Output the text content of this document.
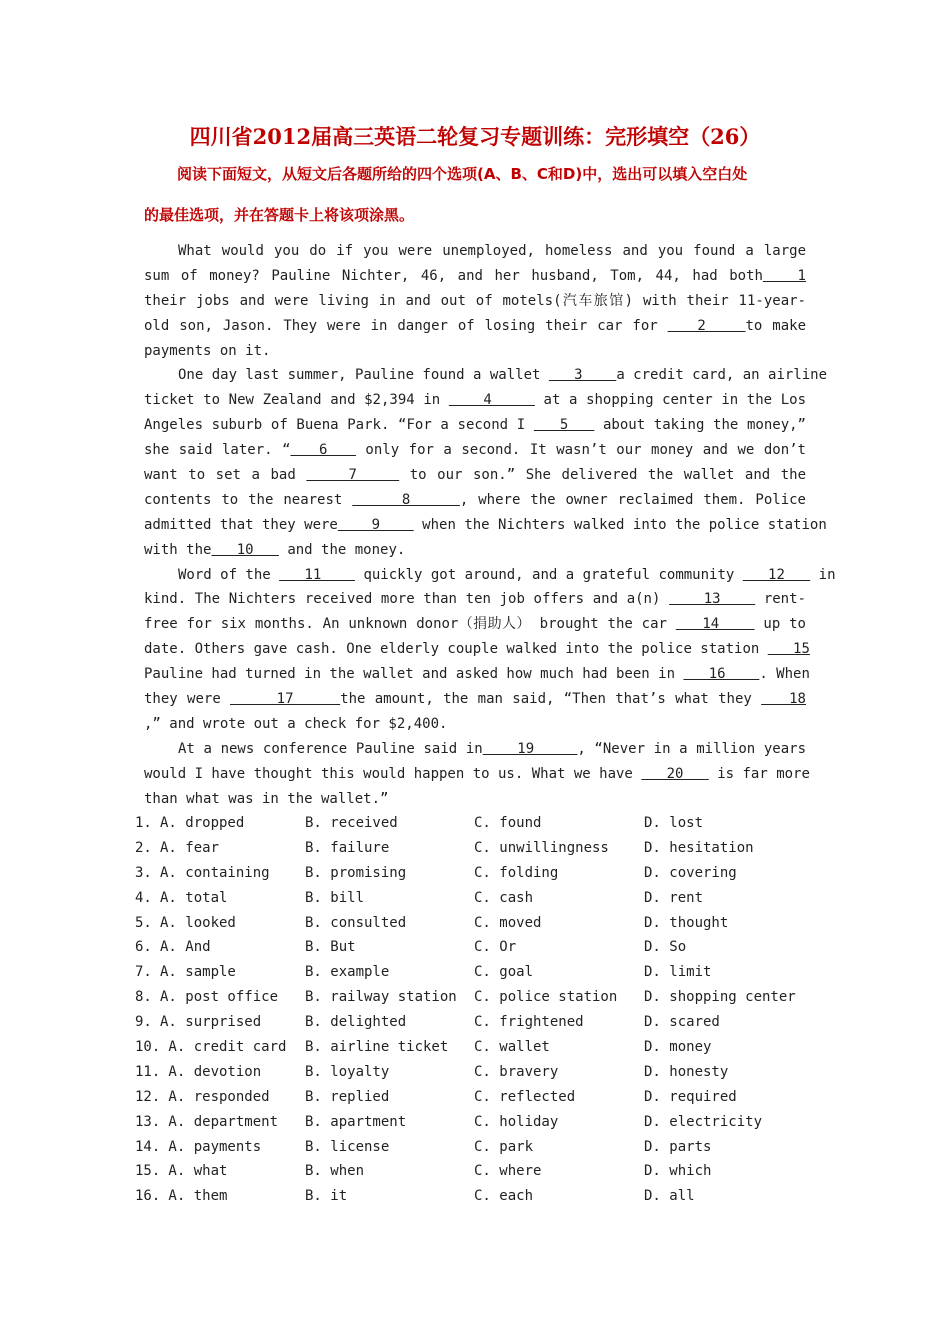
四川省2012届高三英语二轮复习专题训练：完形填空（26）
阅读下面短文，从短文后各题所给的四个选项(A、B、C和D)中，选出可以填入空白处
的最佳选项，并在答题卡上将该项涂黑。
What would you do if you were unemployed, homeless and you found a large
sum of money? Pauline Nichter, 46, and her husband, Tom, 44, had both   1
their jobs and were living in and out of motels(汽车旅馆) with their 11-year-
old son, Jason. They were in danger of losing their car for    2    to make
payments on it.
One day last summer, Pauline found a wallet    3    a credit card, an airline
ticket to New Zealand and $2,394 in     4      at a shopping center in the Los
Angeles suburb of Buena Park. “For a second I    5    about taking the money,”
she said later. “   6    only for a second. It wasn’t our money and we don’t
want to set a bad     7     to our son.” She delivered the wallet and the
contents to the nearest      8     , where the owner reclaimed them. Police
admitted that they were    9     when the Nichters walked into the police station
with the   10    and the money.
Word of the    11     quickly got around, and a grateful community    12    in
kind. The Nichters received more than ten job offers and a(n)     13     rent-
free for six months. An unknown donor（捐助人） brought the car    14     up to
date. Others gave cash. One elderly couple walked into the police station    15
Pauline had turned in the wallet and asked how much had been in    16    . When
they were      17     the amount, the man said, “Then that’s what they    18
,” and wrote out a check for $2,400.
At a news conference Pauline said in    19     , “Never in a million years
would I have thought this would happen to us. What we have    20    is far more
than what was in the wallet.”
1. A. dropped	B. received	C. found	D. lost
2. A. fear	B. failure	C. unwillingness	D. hesitation
3. A. containing	B. promising	C. folding	D. covering
4. A. total	B. bill	C. cash	D. rent
5. A. looked	B. consulted	C. moved	D. thought
6. A. And	B. But	C. Or	D. So
7. A. sample	B. example	C. goal	D. limit
8. A. post office B. railway station C. police station D. shopping center
9. A. surprised	B. delighted	C. frightened	D. scared
10. A. credit card B. airline ticket C. wallet	D. money
11. A. devotion	B. loyalty	C. bravery	D. honesty
12. A. responded	B. replied	C. reflected	D. required
13. A. department B. apartment	C. holiday	D. electricity
14. A. payments	B. license	C. park	D. parts
15. A. what	B. when	C. where	D. which
16. A. them	B. it	C. each	D. all
